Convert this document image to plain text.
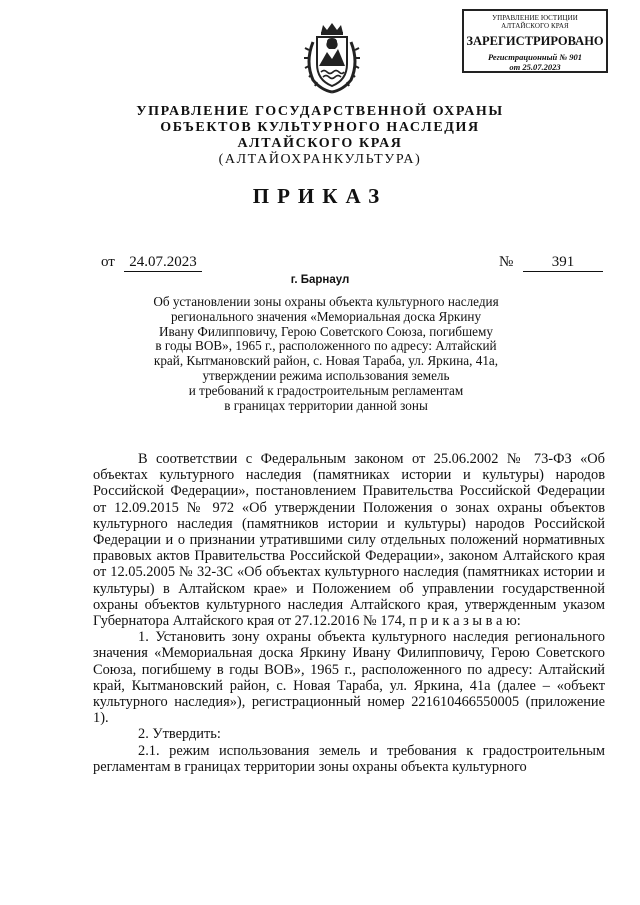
УПРАВЛЕНИЕ ЮСТИЦИИ
АЛТАЙСКОГО КРАЯ
ЗАРЕГИСТРИРОВАНО
Регистрационный № 901
от 25.07.2023
УПРАВЛЕНИЕ ГОСУДАРСТВЕННОЙ ОХРАНЫ
ОБЪЕКТОВ КУЛЬТУРНОГО НАСЛЕДИЯ
АЛТАЙСКОГО КРАЯ
(АЛТАЙОХРАНКУЛЬТУРА)
ПРИКАЗ
от 24.07.2023	№	391
г. Барнаул
Об установлении зоны охраны объекта культурного наследия
регионального значения «Мемориальная доска Яркину
Ивану Филипповичу, Герою Советского Союза, погибшему
в годы ВОВ», 1965 г., расположенного по адресу: Алтайский
край, Кытмановский район, с. Новая Тараба, ул. Яркина, 41а,
утверждении режима использования земель
и требований к градостроительным регламентам
в границах территории данной зоны

В соответствии с Федеральным законом от 25.06.2002 № 73-ФЗ «Об объектах культурного наследия (памятниках истории и культуры) народов Российской Федерации», постановлением Правительства Российской Федерации от 12.09.2015 № 972 «Об утверждении Положения о зонах охраны объектов культурного наследия (памятников истории и культуры) народов Российской Федерации и о признании утратившими силу отдельных положений нормативных правовых актов Правительства Российской Федерации», законом Алтайского края от 12.05.2005 № 32-ЗС «Об объектах культурного наследия (памятниках истории и культуры) в Алтайском крае» и Положением об управлении государственной охраны объектов культурного наследия Алтайского края, утвержденным указом Губернатора Алтайского края от 27.12.2016 № 174, п р и к а з ы в а ю:

1. Установить зону охраны объекта культурного наследия регионального значения «Мемориальная доска Яркину Ивану Филипповичу, Герою Советского Союза, погибшему в годы ВОВ», 1965 г., расположенного по адресу: Алтайский край, Кытмановский район, с. Новая Тараба, ул. Яркина, 41а (далее – «объект культурного наследия»), регистрационный номер 221610466550005 (приложение 1).

2. Утвердить:

2.1. режим использования земель и требования к градостроительным регламентам в границах территории зоны охраны объекта культурного
